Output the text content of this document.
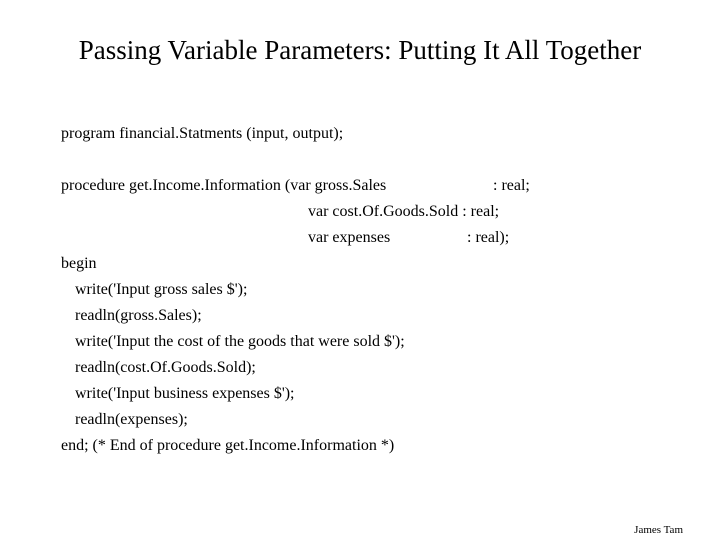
Passing Variable Parameters: Putting It All Together
program financial.Statments (input, output);
procedure get.Income.Information (var gross.Sales	: real;
var cost.Of.Goods.Sold : real;
var expenses	: real);
begin
write('Input gross sales $');
readln(gross.Sales);
write('Input the cost of the goods that were sold $');
readln(cost.Of.Goods.Sold);
write('Input business expenses $');
readln(expenses);
end; (* End of procedure get.Income.Information *)
James Tam
